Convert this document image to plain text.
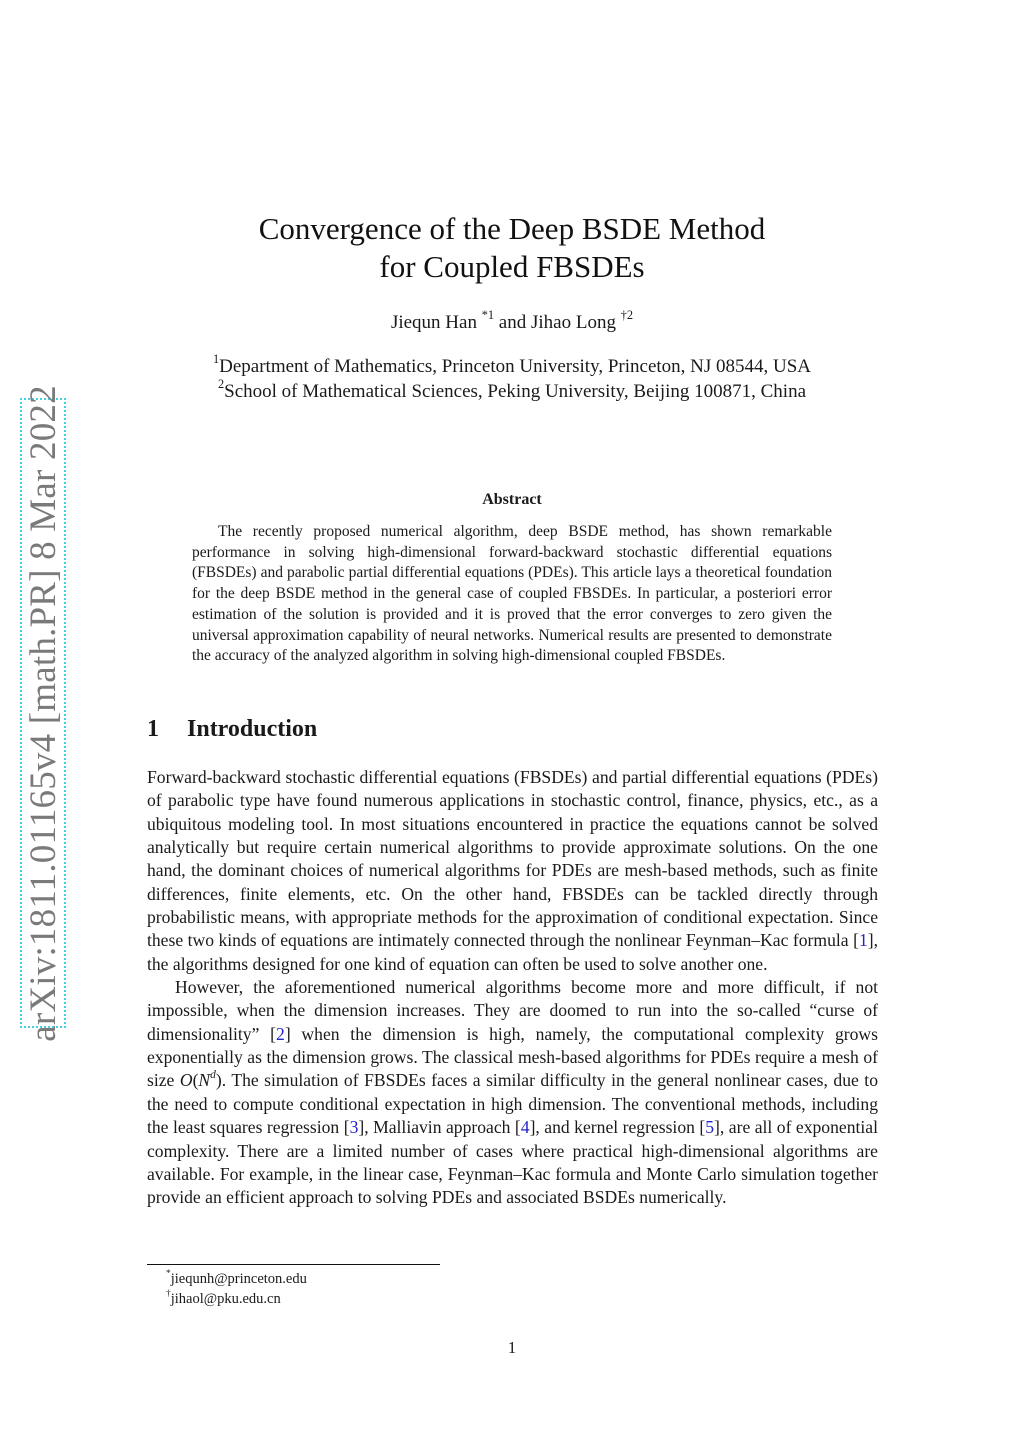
arXiv:1811.01165v4 [math.PR] 8 Mar 2022
Convergence of the Deep BSDE Method
for Coupled FBSDEs
Jiequn Han $^{*1}$ and Jihao Long $^{\dagger 2}$
$^1$Department of Mathematics, Princeton University, Princeton, NJ 08544, USA
$^2$School of Mathematical Sciences, Peking University, Beijing 100871, China
Abstract

The recently proposed numerical algorithm, deep BSDE method, has shown remarkable performance in solving high-dimensional forward-backward stochastic differential equations (FBSDEs) and parabolic partial differential equations (PDEs). This article lays a theoretical foundation for the deep BSDE method in the general case of coupled FBSDEs. In particular, a posteriori error estimation of the solution is provided and it is proved that the error converges to zero given the universal approximation capability of neural networks. Numerical results are presented to demonstrate the accuracy of the analyzed algorithm in solving high-dimensional coupled FBSDEs.

1 Introduction

Forward-backward stochastic differential equations (FBSDEs) and partial differential equations (PDEs) of parabolic type have found numerous applications in stochastic control, finance, physics, etc., as a ubiquitous modeling tool. In most situations encountered in practice the equations cannot be solved analytically but require certain numerical algorithms to provide approximate solutions. On the one hand, the dominant choices of numerical algorithms for PDEs are mesh-based methods, such as finite differences, finite elements, etc. On the other hand, FBSDEs can be tackled directly through probabilistic means, with appropriate methods for the approximation of conditional expectation. Since these two kinds of equations are intimately connected through the nonlinear Feynman–Kac formula [1], the algorithms designed for one kind of equation can often be used to solve another one.

However, the aforementioned numerical algorithms become more and more difficult, if not impossible, when the dimension increases. They are doomed to run into the so-called “curse of dimensionality” [2] when the dimension is high, namely, the computational complexity grows exponentially as the dimension grows. The classical mesh-based algorithms for PDEs require a mesh of size $O(N^d)$. The simulation of FBSDEs faces a similar difficulty in the general nonlinear cases, due to the need to compute conditional expectation in high dimension. The conventional methods, including the least squares regression [3], Malliavin approach [4], and kernel regression [5], are all of exponential complexity. There are a limited number of cases where practical high-dimensional algorithms are available. For example, in the linear case, Feynman–Kac formula and Monte Carlo simulation together provide an efficient approach to solving PDEs and associated BSDEs numerically.

*jiequnh@princeton.edu
†jihaol@pku.edu.cn
1
